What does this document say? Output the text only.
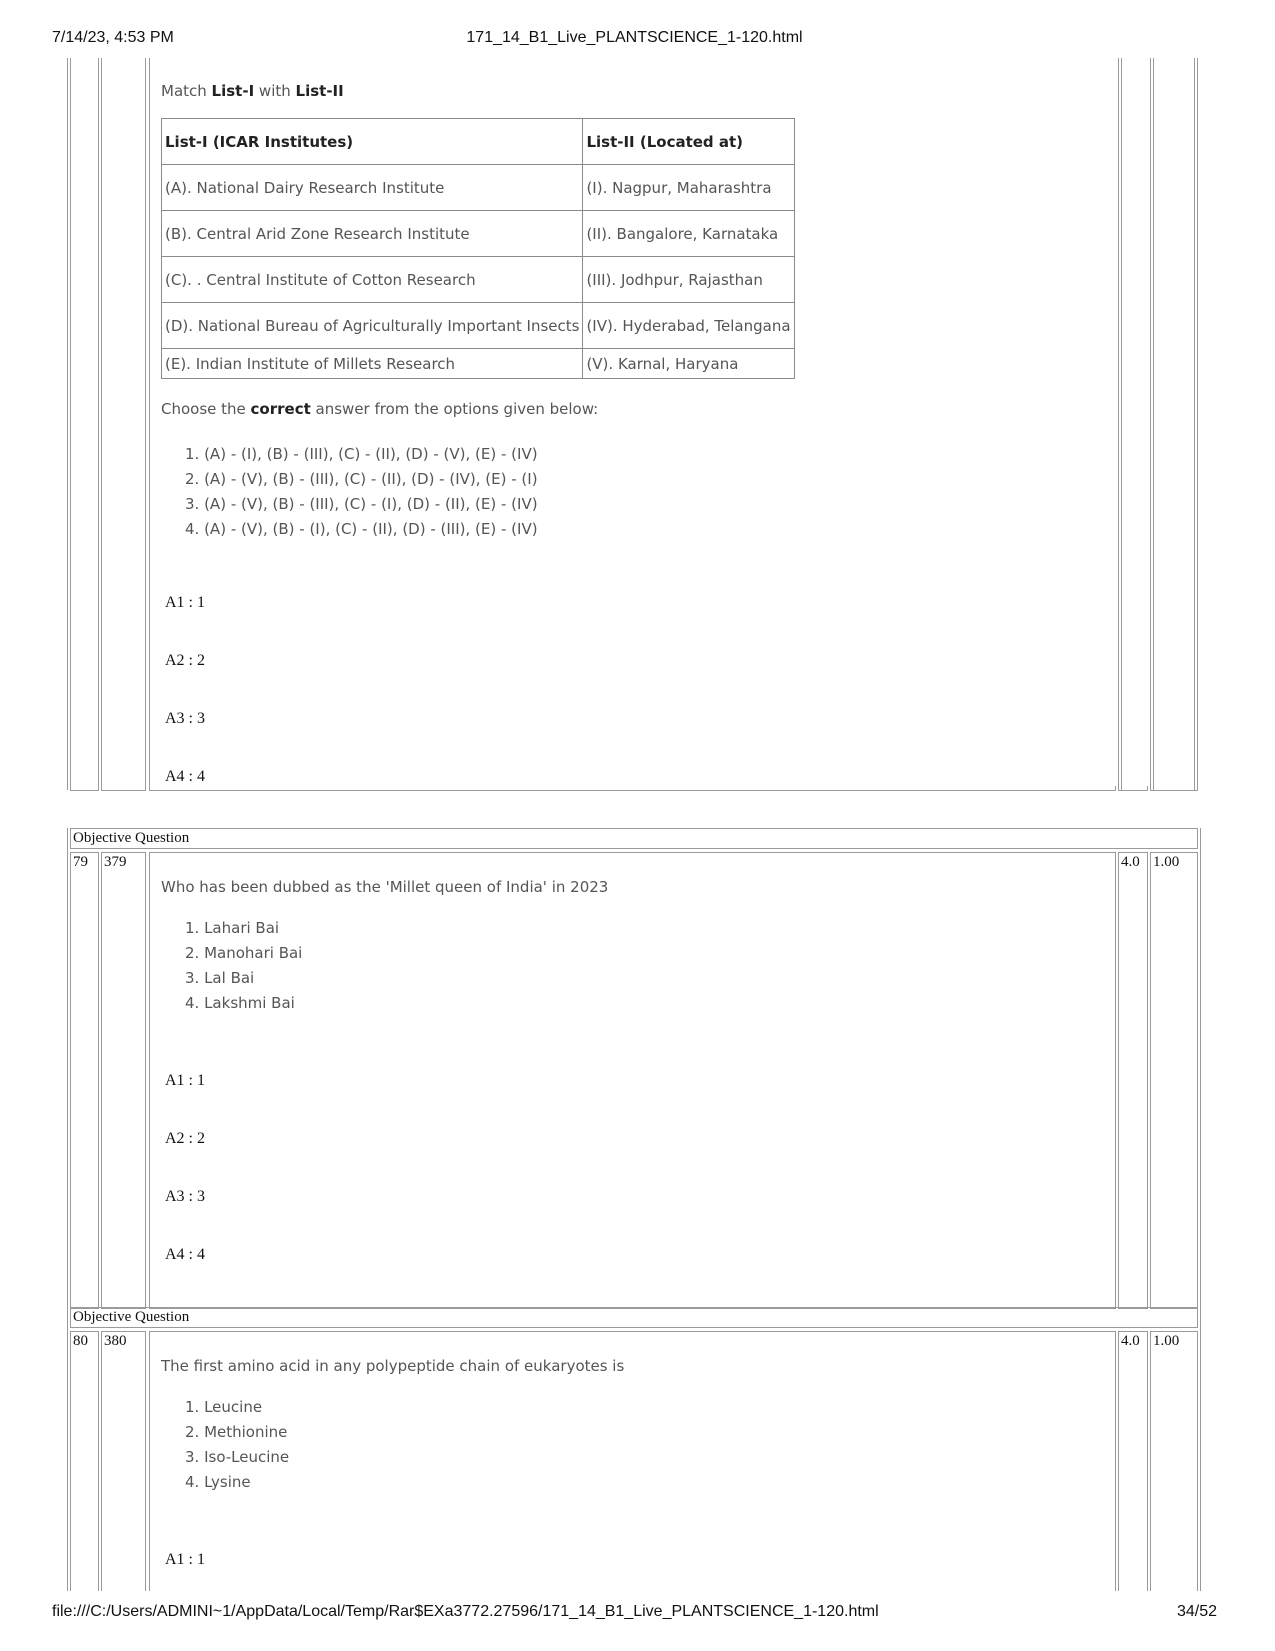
7/14/23, 4:53 PM	171_14_B1_Live_PLANTSCIENCE_1-120.html
Match List-I with List-II
List-I (ICAR Institutes)	List-II (Located at)
(A). National Dairy Research Institute	(I). Nagpur, Maharashtra
(B). Central Arid Zone Research Institute	(II). Bangalore, Karnataka
(C). . Central Institute of Cotton Research	(III). Jodhpur, Rajasthan
(D). National Bureau of Agriculturally Important Insects	(IV). Hyderabad, Telangana
(E). Indian Institute of Millets Research	(V). Karnal, Haryana
Choose the correct answer from the options given below:
1. (A) - (I), (B) - (III), (C) - (II), (D) - (V), (E) - (IV)
2. (A) - (V), (B) - (III), (C) - (II), (D) - (IV), (E) - (I)
3. (A) - (V), (B) - (III), (C) - (I), (D) - (II), (E) - (IV)
4. (A) - (V), (B) - (I), (C) - (II), (D) - (III), (E) - (IV)
A1 : 1
A2 : 2
A3 : 3
A4 : 4
Objective Question
79 379	4.0 1.00
Who has been dubbed as the 'Millet queen of India' in 2023
1. Lahari Bai
2. Manohari Bai
3. Lal Bai
4. Lakshmi Bai
A1 : 1
A2 : 2
A3 : 3
A4 : 4
Objective Question
80 380	4.0 1.00
The first amino acid in any polypeptide chain of eukaryotes is
1. Leucine
2. Methionine
3. Iso-Leucine
4. Lysine
A1 : 1
file:///C:/Users/ADMINI~1/AppData/Local/Temp/Rar$EXa3772.27596/171_14_B1_Live_PLANTSCIENCE_1-120.html	34/52
